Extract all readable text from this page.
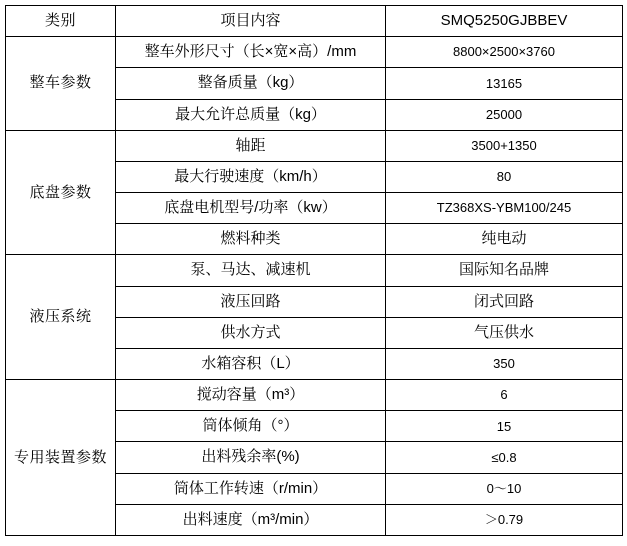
类别	项目内容	SMQ5250GJBBEV
整车参数	整车外形尺寸（长×宽×高）/mm	8800×2500×3760
	整备质量（kg）	13165
	最大允许总质量（kg）	25000
底盘参数	轴距	3500+1350
	最大行驶速度（km/h）	80
	底盘电机型号/功率（kw）	TZ368XS-YBM100/245
	燃料种类	纯电动
液压系统	泵、马达、减速机	国际知名品牌
	液压回路	闭式回路
	供水方式	气压供水
	水箱容积（L）	350
专用装置参数	搅动容量（m³）	6
	筒体倾角（°）	15
	出料残余率(%)	≤0.8
	筒体工作转速（r/min）	0～10
	出料速度（m³/min）	＞0.79
